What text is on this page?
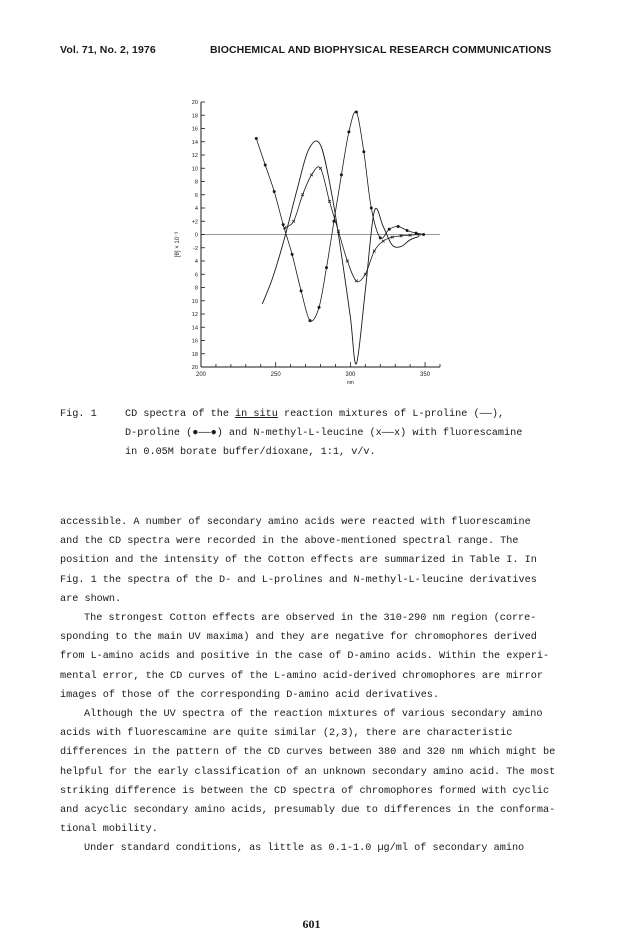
Vol. 71, No. 2, 1976	BIOCHEMICAL AND BIOPHYSICAL RESEARCH COMMUNICATIONS
20
18
16
14
12
10
8
6
4
+2
0
-2
4
6
8
10
12
14
16
18
20
200	250	300	350
nm
[θ] × 10⁻³
Fig. 1	CD spectra of the in situ reaction mixtures of L-proline (——),
D-proline (●——●) and N-methyl-L-leucine (x——x) with fluorescamine
in 0.05M borate buffer/dioxane, 1:1, v/v.
accessible. A number of secondary amino acids were reacted with fluorescamine
and the CD spectra were recorded in the above-mentioned spectral range. The
position and the intensity of the Cotton effects are summarized in Table I. In
Fig. 1 the spectra of the D- and L-prolines and N-methyl-L-leucine derivatives
are shown.
The strongest Cotton effects are observed in the 310-290 nm region (corre-
sponding to the main UV maxima) and they are negative for chromophores derived
from L-amino acids and positive in the case of D-amino acids. Within the experi-
mental error, the CD curves of the L-amino acid-derived chromophores are mirror
images of those of the corresponding D-amino acid derivatives.
Although the UV spectra of the reaction mixtures of various secondary amino
acids with fluorescamine are quite similar (2,3), there are characteristic
differences in the pattern of the CD curves between 380 and 320 nm which might be
helpful for the early classification of an unknown secondary amino acid. The most
striking difference is between the CD spectra of chromophores formed with cyclic
and acyclic secondary amino acids, presumably due to differences in the conforma-
tional mobility.
Under standard conditions, as little as 0.1-1.0 µg/ml of secondary amino
601
